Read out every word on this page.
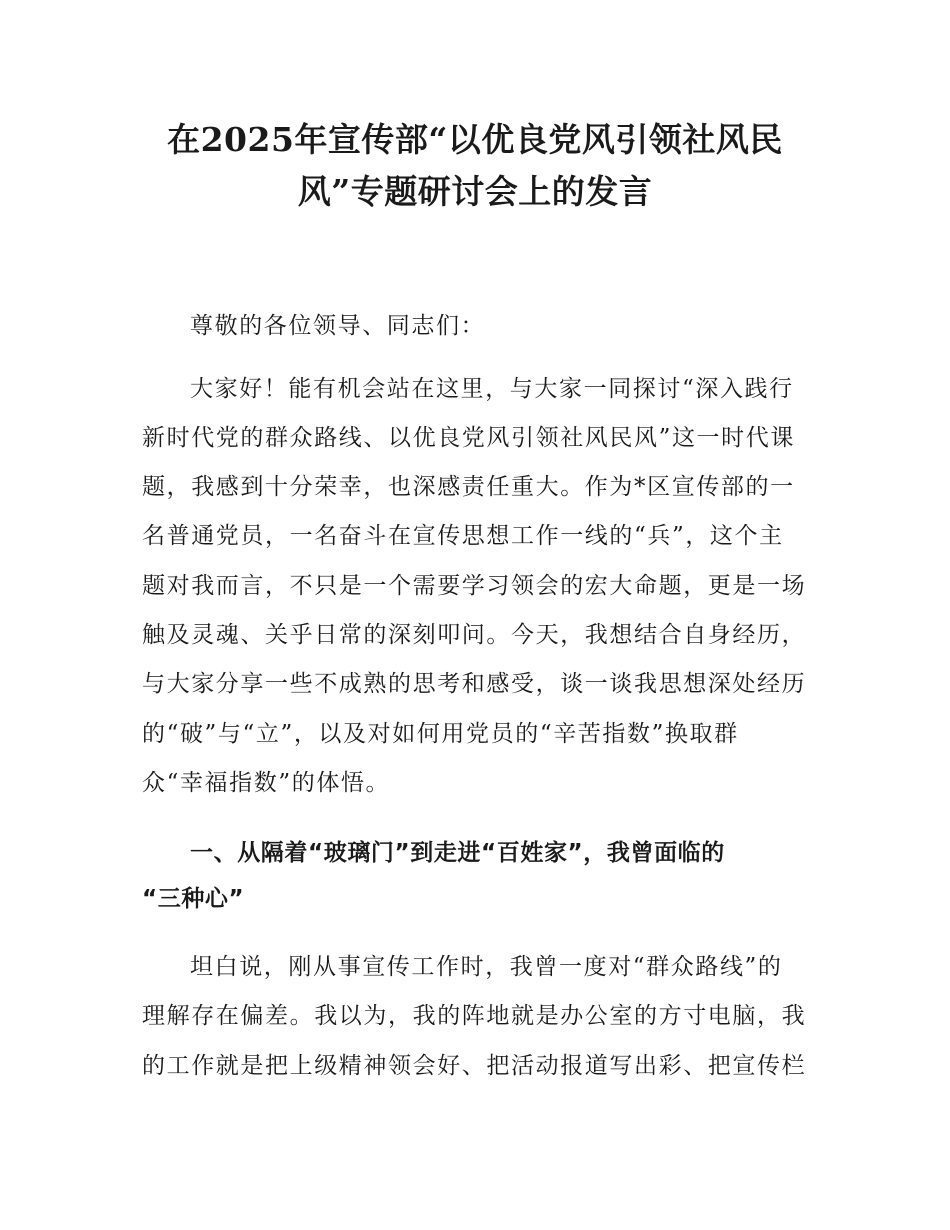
在2025年宣传部“以优良党风引领社风民
风”专题研讨会上的发言

尊敬的各位领导、同志们：

大家好！能有机会站在这里，与大家一同探讨“深入践行

新时代党的群众路线、以优良党风引领社风民风”这一时代课

题，我感到十分荣幸，也深感责任重大。作为*区宣传部的一

名普通党员，一名奋斗在宣传思想工作一线的“兵”，这个主

题对我而言，不只是一个需要学习领会的宏大命题，更是一场

触及灵魂、关乎日常的深刻叩问。今天，我想结合自身经历，

与大家分享一些不成熟的思考和感受，谈一谈我思想深处经历

的“破”与“立”，以及对如何用党员的“辛苦指数”换取群

众“幸福指数”的体悟。

一、从隔着“玻璃门”到走进“百姓家”，我曾面临的

“三种心”

坦白说，刚从事宣传工作时，我曾一度对“群众路线”的

理解存在偏差。我以为，我的阵地就是办公室的方寸电脑，我

的工作就是把上级精神领会好、把活动报道写出彩、把宣传栏
